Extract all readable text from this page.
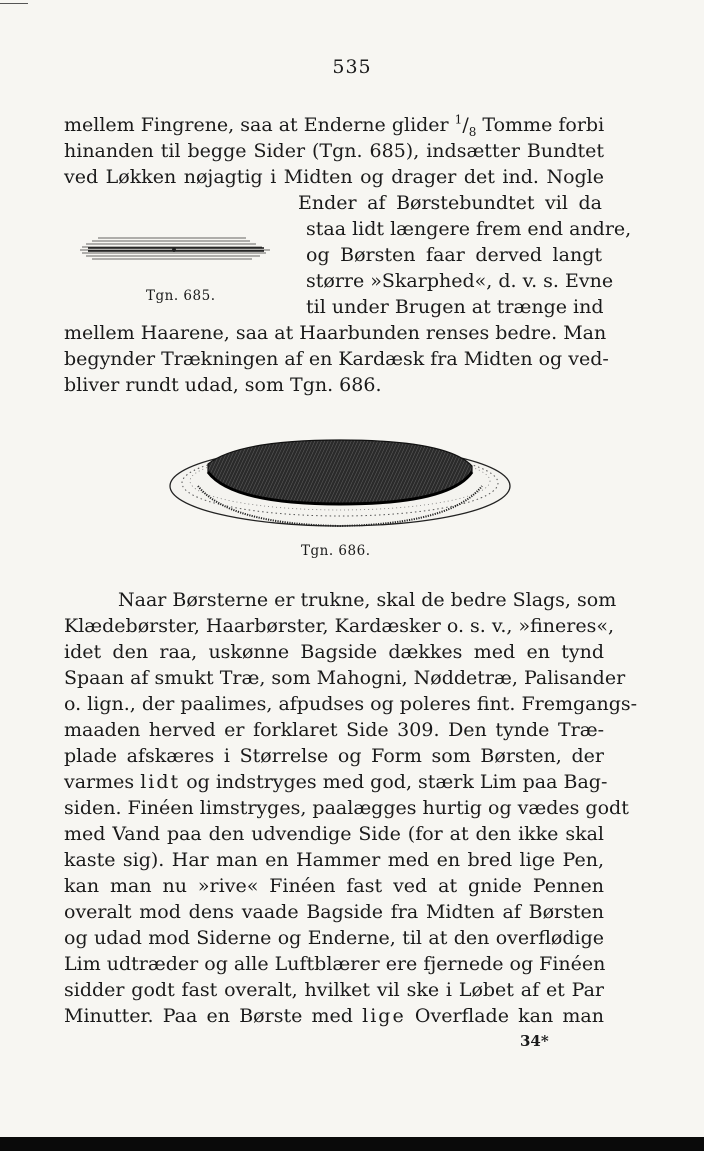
535
mellem Fingrene, saa at Enderne glider $^1/_8$ Tomme forbi
hinanden til begge Sider (Tgn. 685), indsætter Bundtet
ved Løkken nøjagtig i Midten og drager det ind. Nogle
Ender af Børstebundtet vil da
staa lidt længere frem end andre,
og Børsten faar derved langt
større »Skarphed«, d. v. s. Evne
til under Brugen at trænge ind
mellem Haarene, saa at Haarbunden renses bedre. Man
begynder Trækningen af en Kardæsk fra Midten og ved-
bliver rundt udad, som Tgn. 686.
Tgn. 685.
Tgn. 686.
Naar Børsterne er trukne, skal de bedre Slags, som
Klædebørster, Haarbørster, Kardæsker o. s. v., »fineres«,
idet den raa, uskønne Bagside dækkes med en tynd
Spaan af smukt Træ, som Mahogni, Nøddetræ, Palisander
o. lign., der paalimes, afpudses og poleres fint. Fremgangs-
maaden herved er forklaret Side 309. Den tynde Træ-
plade afskæres i Størrelse og Form som Børsten, der
varmes lidt og indstryges med god, stærk Lim paa Bag-
siden. Finéen limstryges, paalægges hurtig og vædes godt
med Vand paa den udvendige Side (for at den ikke skal
kaste sig). Har man en Hammer med en bred lige Pen,
kan man nu »rive« Finéen fast ved at gnide Pennen
overalt mod dens vaade Bagside fra Midten af Børsten
og udad mod Siderne og Enderne, til at den overflødige
Lim udtræder og alle Luftblærer ere fjernede og Finéen
sidder godt fast overalt, hvilket vil ske i Løbet af et Par
Minutter. Paa en Børste med lige Overflade kan man
34*
